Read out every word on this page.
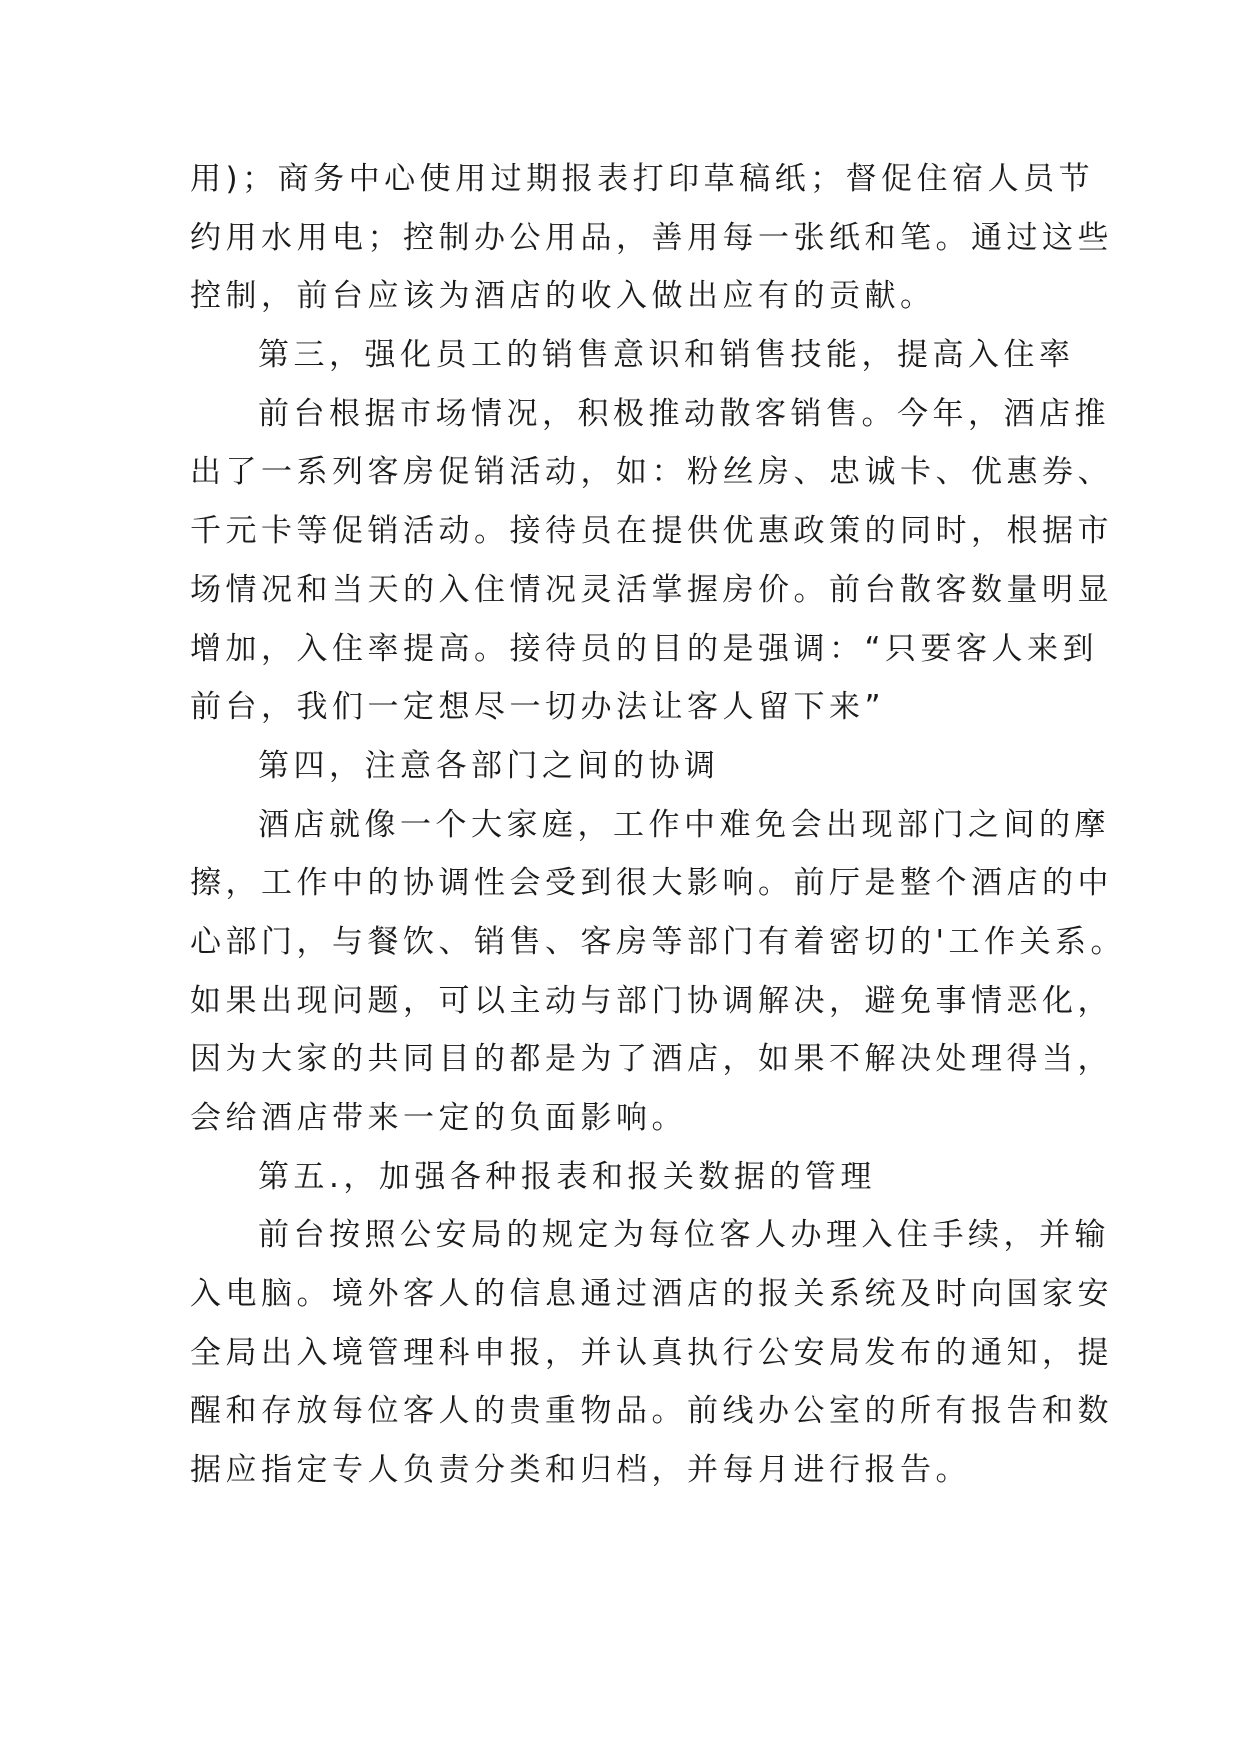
用)；商务中心使用过期报表打印草稿纸；督促住宿人员节
约用水用电；控制办公用品，善用每一张纸和笔。通过这些
控制，前台应该为酒店的收入做出应有的贡献。
第三，强化员工的销售意识和销售技能，提高入住率
前台根据市场情况，积极推动散客销售。今年，酒店推
出了一系列客房促销活动，如：粉丝房、忠诚卡、优惠券、
千元卡等促销活动。接待员在提供优惠政策的同时，根据市
场情况和当天的入住情况灵活掌握房价。前台散客数量明显
增加，入住率提高。接待员的目的是强调：“只要客人来到
前台，我们一定想尽一切办法让客人留下来”
第四，注意各部门之间的协调
酒店就像一个大家庭，工作中难免会出现部门之间的摩
擦，工作中的协调性会受到很大影响。前厅是整个酒店的中
心部门，与餐饮、销售、客房等部门有着密切的'工作关系。
如果出现问题，可以主动与部门协调解决，避免事情恶化，
因为大家的共同目的都是为了酒店，如果不解决处理得当，
会给酒店带来一定的负面影响。
第五.，加强各种报表和报关数据的管理
前台按照公安局的规定为每位客人办理入住手续，并输
入电脑。境外客人的信息通过酒店的报关系统及时向国家安
全局出入境管理科申报，并认真执行公安局发布的通知，提
醒和存放每位客人的贵重物品。前线办公室的所有报告和数
据应指定专人负责分类和归档，并每月进行报告。
